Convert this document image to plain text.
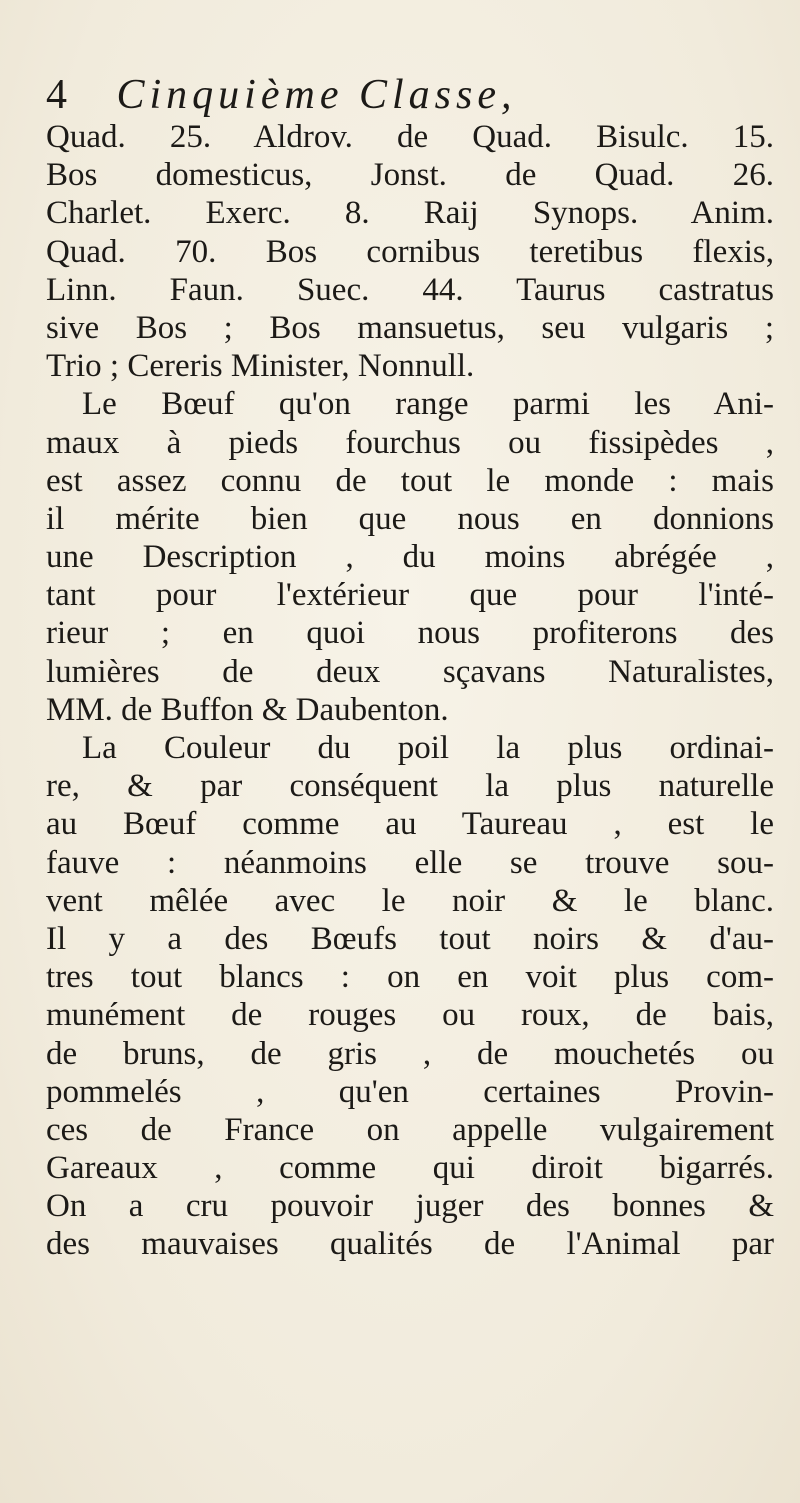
4 Cinquième Classe,
Quad. 25. Aldrov. de Quad. Bisulc. 15.
Bos domesticus, Jonst. de Quad. 26.
Charlet. Exerc. 8. Raij Synops. Anim.
Quad. 70. Bos cornibus teretibus flexis,
Linn. Faun. Suec. 44. Taurus castratus
sive Bos ; Bos mansuetus, seu vulgaris ;
Trio ; Cereris Minister, Nonnull.
Le Bœuf qu'on range parmi les Ani-
maux à pieds fourchus ou fissipèdes ,
est assez connu de tout le monde : mais
il mérite bien que nous en donnions
une Description , du moins abrégée ,
tant pour l'extérieur que pour l'inté-
rieur ; en quoi nous profiterons des
lumières de deux sçavans Naturalistes,
MM. de Buffon & Daubenton.
La Couleur du poil la plus ordinai-
re, & par conséquent la plus naturelle
au Bœuf comme au Taureau , est le
fauve : néanmoins elle se trouve sou-
vent mêlée avec le noir & le blanc.
Il y a des Bœufs tout noirs & d'au-
tres tout blancs : on en voit plus com-
munément de rouges ou roux, de bais,
de bruns, de gris , de mouchetés ou
pommelés , qu'en certaines Provin-
ces de France on appelle vulgairement
Gareaux , comme qui diroit bigarrés.
On a cru pouvoir juger des bonnes &
des mauvaises qualités de l'Animal par
